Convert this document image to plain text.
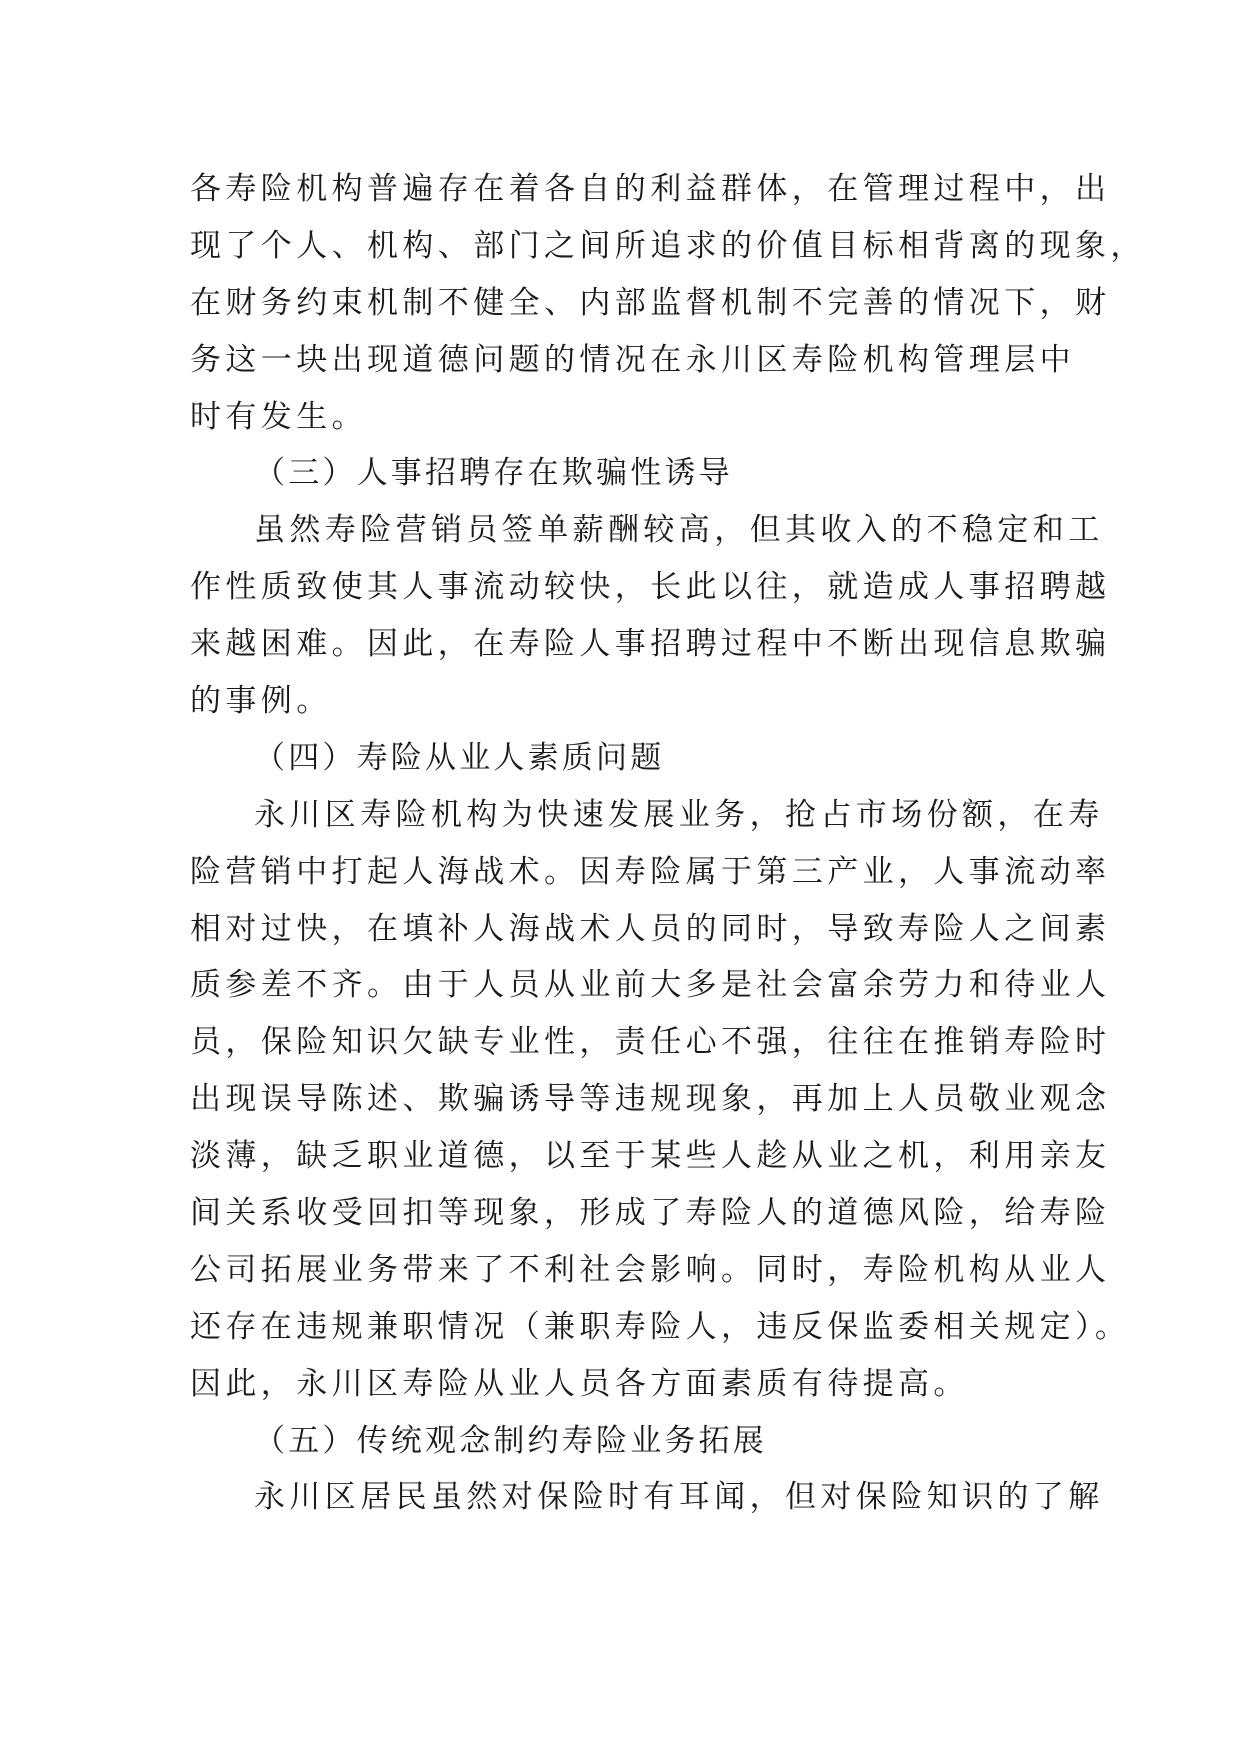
各寿险机构普遍存在着各自的利益群体，在管理过程中，出
现了个人、机构、部门之间所追求的价值目标相背离的现象，
在财务约束机制不健全、内部监督机制不完善的情况下，财
务这一块出现道德问题的情况在永川区寿险机构管理层中
时有发生。
（三）人事招聘存在欺骗性诱导
虽然寿险营销员签单薪酬较高，但其收入的不稳定和工
作性质致使其人事流动较快，长此以往，就造成人事招聘越
来越困难。因此，在寿险人事招聘过程中不断出现信息欺骗
的事例。
（四）寿险从业人素质问题
永川区寿险机构为快速发展业务，抢占市场份额，在寿
险营销中打起人海战术。因寿险属于第三产业，人事流动率
相对过快，在填补人海战术人员的同时，导致寿险人之间素
质参差不齐。由于人员从业前大多是社会富余劳力和待业人
员，保险知识欠缺专业性，责任心不强，往往在推销寿险时
出现误导陈述、欺骗诱导等违规现象，再加上人员敬业观念
淡薄，缺乏职业道德，以至于某些人趁从业之机，利用亲友
间关系收受回扣等现象，形成了寿险人的道德风险，给寿险
公司拓展业务带来了不利社会影响。同时，寿险机构从业人
还存在违规兼职情况（兼职寿险人，违反保监委相关规定）。
因此，永川区寿险从业人员各方面素质有待提高。
（五）传统观念制约寿险业务拓展
永川区居民虽然对保险时有耳闻，但对保险知识的了解
